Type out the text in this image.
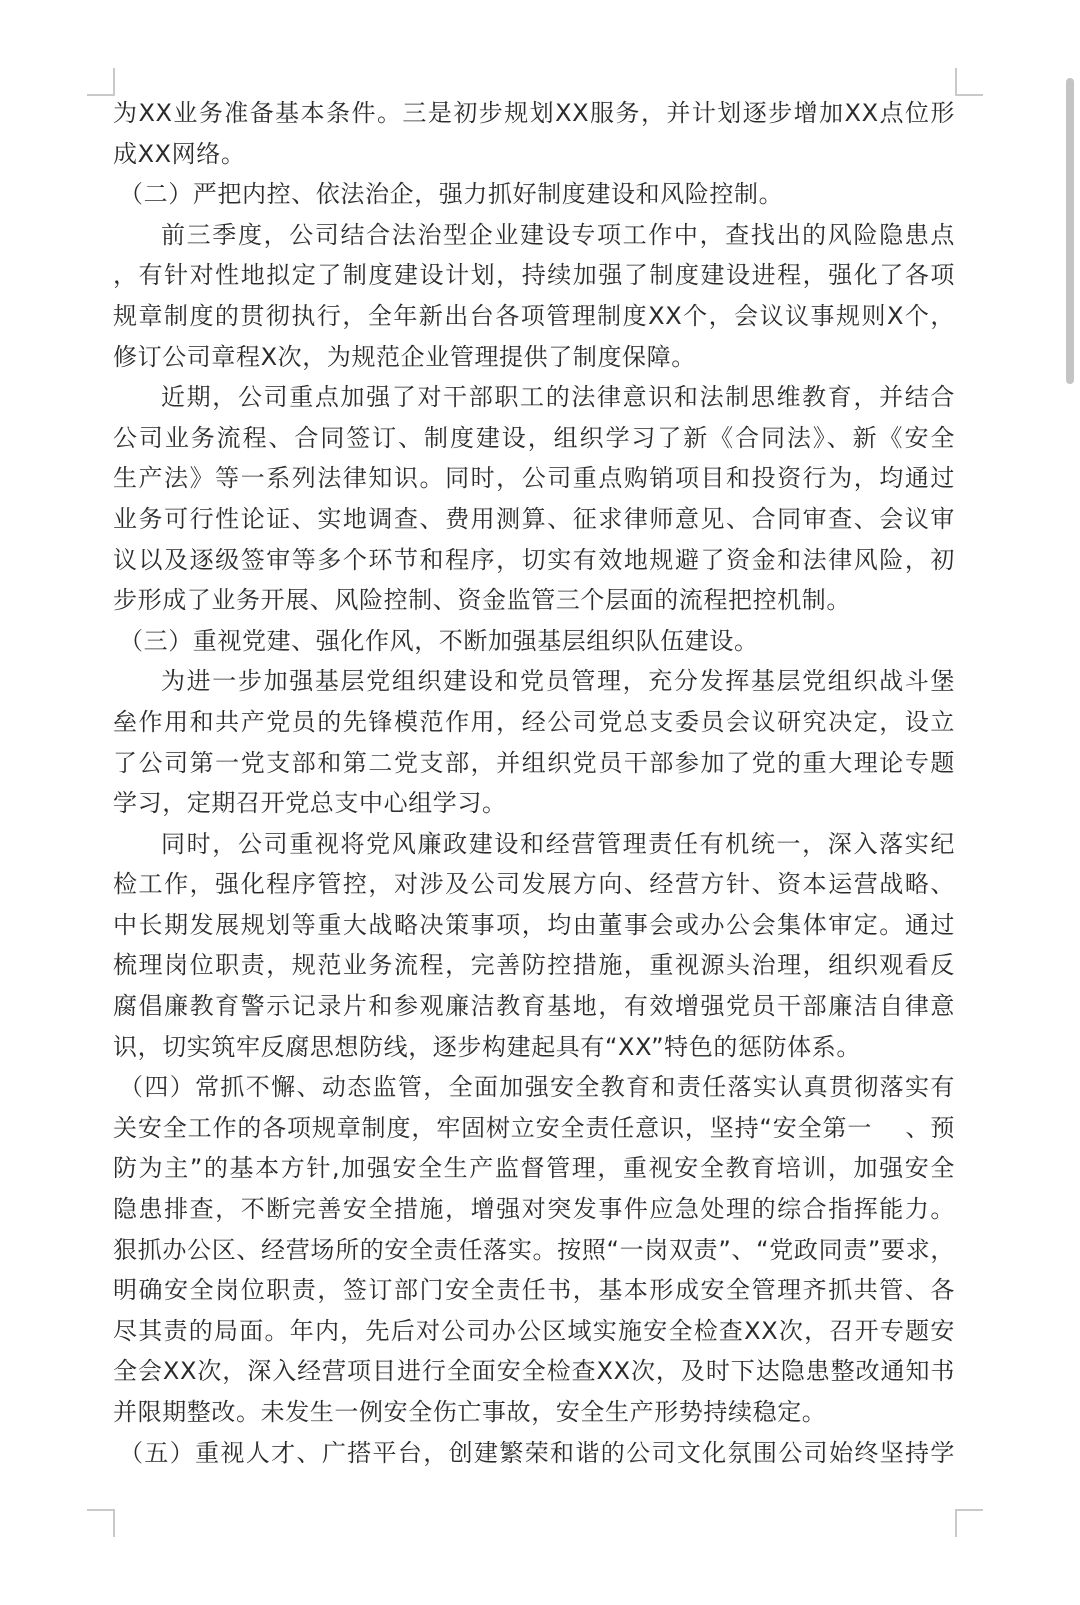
为XX业务准备基本条件。三是初步规划XX服务，并计划逐步增加XX点位形
成XX网络。
（二）严把内控、依法治企，强力抓好制度建设和风险控制。
前三季度，公司结合法治型企业建设专项工作中，查找出的风险隐患点
，有针对性地拟定了制度建设计划，持续加强了制度建设进程，强化了各项
规章制度的贯彻执行，全年新出台各项管理制度XX个，会议议事规则X个，
修订公司章程X次，为规范企业管理提供了制度保障。
近期，公司重点加强了对干部职工的法律意识和法制思维教育，并结合
公司业务流程、合同签订、制度建设，组织学习了新《合同法》、新《安全
生产法》等一系列法律知识。同时，公司重点购销项目和投资行为，均通过
业务可行性论证、实地调查、费用测算、征求律师意见、合同审查、会议审
议以及逐级签审等多个环节和程序，切实有效地规避了资金和法律风险，初
步形成了业务开展、风险控制、资金监管三个层面的流程把控机制。
（三）重视党建、强化作风，不断加强基层组织队伍建设。
为进一步加强基层党组织建设和党员管理，充分发挥基层党组织战斗堡
垒作用和共产党员的先锋模范作用，经公司党总支委员会议研究决定，设立
了公司第一党支部和第二党支部，并组织党员干部参加了党的重大理论专题
学习，定期召开党总支中心组学习。
同时，公司重视将党风廉政建设和经营管理责任有机统一，深入落实纪
检工作，强化程序管控，对涉及公司发展方向、经营方针、资本运营战略、
中长期发展规划等重大战略决策事项，均由董事会或办公会集体审定。通过
梳理岗位职责，规范业务流程，完善防控措施，重视源头治理，组织观看反
腐倡廉教育警示记录片和参观廉洁教育基地，有效增强党员干部廉洁自律意
识，切实筑牢反腐思想防线，逐步构建起具有“XX”特色的惩防体系。
（四）常抓不懈、动态监管，全面加强安全教育和责任落实认真贯彻落实有
关安全工作的各项规章制度，牢固树立安全责任意识，坚持“安全第一 　、预
防为主”的基本方针,加强安全生产监督管理，重视安全教育培训，加强安全
隐患排查，不断完善安全措施，增强对突发事件应急处理的综合指挥能力。
狠抓办公区、经营场所的安全责任落实。按照“一岗双责”、“党政同责”要求，
明确安全岗位职责，签订部门安全责任书，基本形成安全管理齐抓共管、各
尽其责的局面。年内，先后对公司办公区域实施安全检查XX次，召开专题安
全会XX次，深入经营项目进行全面安全检查XX次，及时下达隐患整改通知书
并限期整改。未发生一例安全伤亡事故，安全生产形势持续稳定。
（五）重视人才、广搭平台，创建繁荣和谐的公司文化氛围公司始终坚持学
